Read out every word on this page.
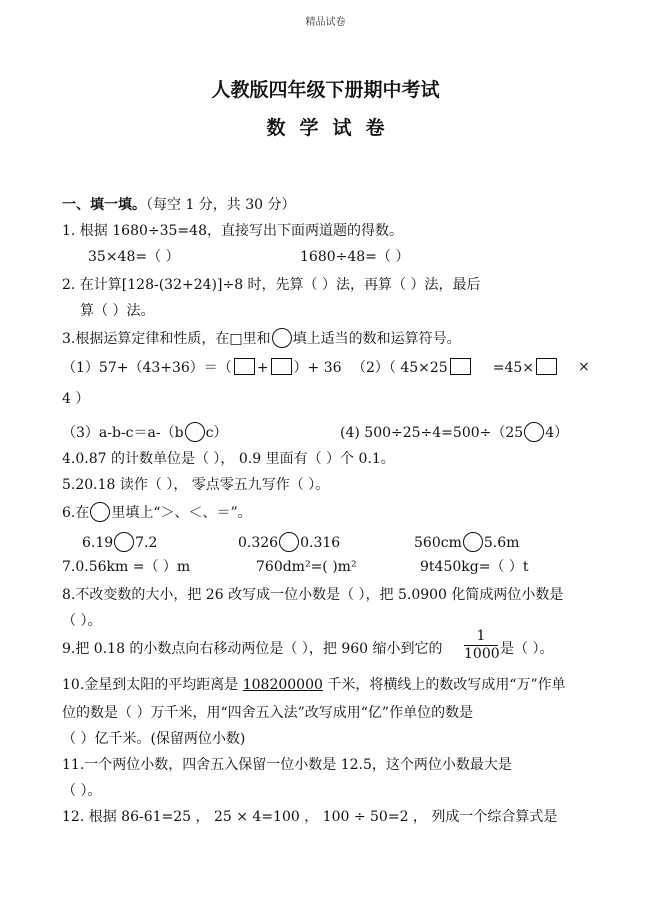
精品试卷
人教版四年级下册期中考试
数学试卷
一、填一填。（每空 1 分，共 30 分）
1. 根据 1680÷35=48，直接写出下面两道题的得数。
35×48=（ ）	1680÷48=（ ）
2. 在计算[128-(32+24)]÷8 时，先算（ ）法，再算（ ）法，最后
算（ ）法。
3.根据运算定律和性质，在□里和 填上适当的数和运算符号。
（1）57+（43+36）＝（ + ）+ 36 （2）（ 45×25	=45×	×
4 ）
（3）a-b-c＝a-（b c）	(4) 500÷25÷4=500÷（25 4）
4.0.87 的计数单位是（ ）， 0.9 里面有（ ）个 0.1。
5.20.18 读作（ ）， 零点零五九写作（ ）。
6.在 里填上“＞、＜、＝”。
6.19 7.2	0.326 0.316	560cm 5.6m
7.0.56km =（ ）m	760dm²=( )m²	9t450kg=（ ）t
8.不改变数的大小，把 26 改写成一位小数是（ ），把 5.0900 化简成两位小数是
（ ）。
9.把 0.18 的小数点向右移动两位是（ ），把 960 缩小到它的 $\frac{1}{1000}$ 是（ ）。
10.金星到太阳的平均距离是 108200000 千米，将横线上的数改写成用“万”作单
位的数是（ ）万千米，用“四舍五入法”改写成用“亿”作单位的数是
（ ）亿千米。(保留两位小数)
11.一个两位小数，四舍五入保留一位小数是 12.5，这个两位小数最大是
（ ）。
12. 根据 86-61=25 ， 25 × 4=100 ， 100 ÷ 50=2 ， 列成一个综合算式是
